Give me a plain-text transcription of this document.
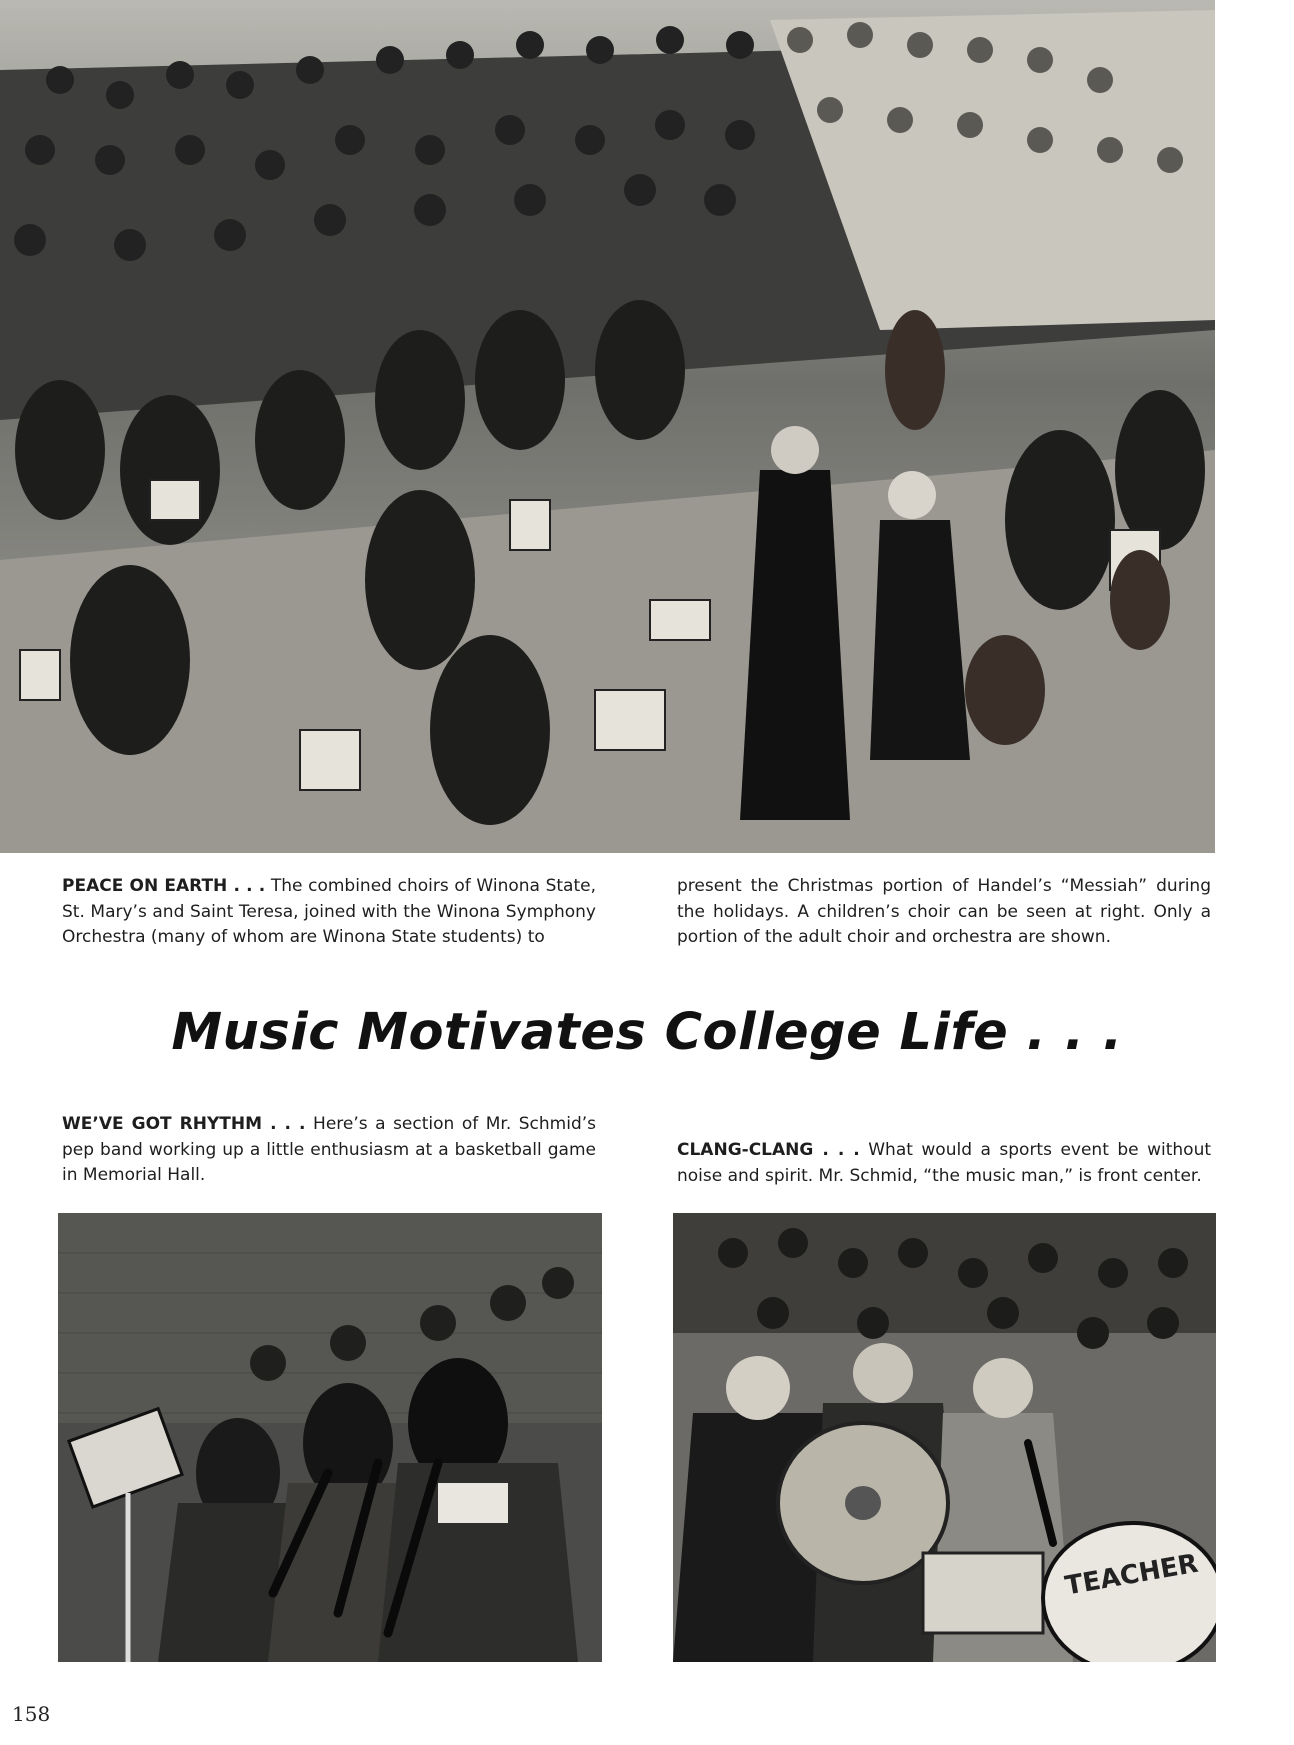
PEACE ON EARTH . . . The combined choirs of Winona State, St. Mary’s and Saint Teresa, joined with the Winona Symphony Orchestra (many of whom are Winona State students) to
present the Christmas portion of Handel’s “Messiah” during the holidays. A children’s choir can be seen at right. Only a portion of the adult choir and orchestra are shown.
Music Motivates College Life . . .
WE’VE GOT RHYTHM . . . Here’s a section of Mr. Schmid’s pep band working up a little enthusiasm at a basketball game in Memorial Hall.
CLANG-CLANG . . . What would a sports event be without noise and spirit. Mr. Schmid, “the music man,” is front center.
TEACHER
158
